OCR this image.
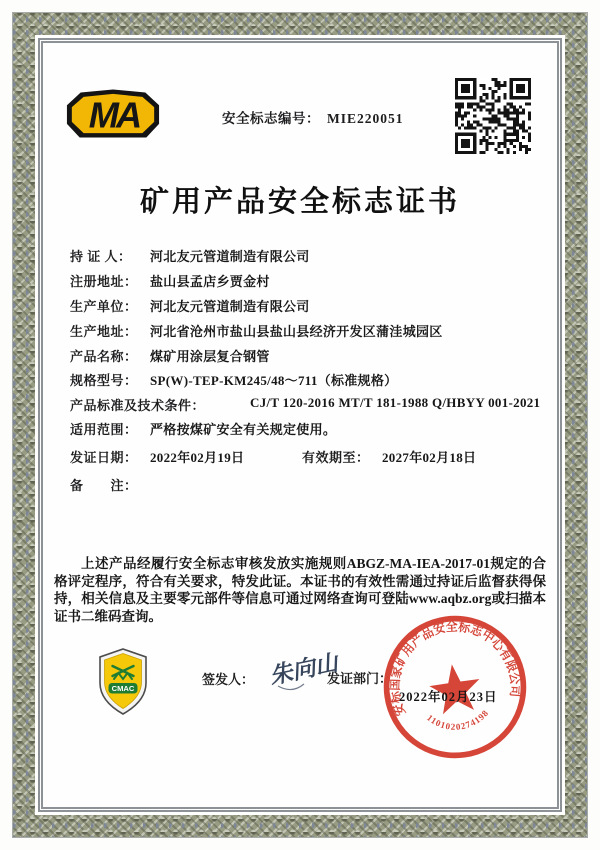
MA	安全标志编号： MIE220051
矿用产品安全标志证书
持 证 人： 河北友元管道制造有限公司
注册地址： 盐山县孟店乡贾金村
生产单位： 河北友元管道制造有限公司
生产地址： 河北省沧州市盐山县盐山县经济开发区蒲洼城园区
产品名称： 煤矿用涂层复合钢管
规格型号： SP(W)-TEP-KM245/48～711（标准规格）
产品标准及技术条件：	CJ/T 120-2016 MT/T 181-1988 Q/HBYY 001-2021
适用范围： 严格按煤矿安全有关规定使用。
发证日期： 2022年02月19日	有效期至： 2027年02月18日
备　　注：
上述产品经履行安全标志审核发放实施规则ABGZ-MA-IEA-2017-01规定的合格评定程序，符合有关要求，特发此证。本证书的有效性需通过持证后监督获得保持，相关信息及主要零元部件等信息可通过网络查询可登陆www.aqbz.org或扫描本证书二维码查询。
CMAC
签发人： 朱向山
发证部门：
安标国家矿用产品安全标志中心有限公司
1101020274198
2022年02月23日
